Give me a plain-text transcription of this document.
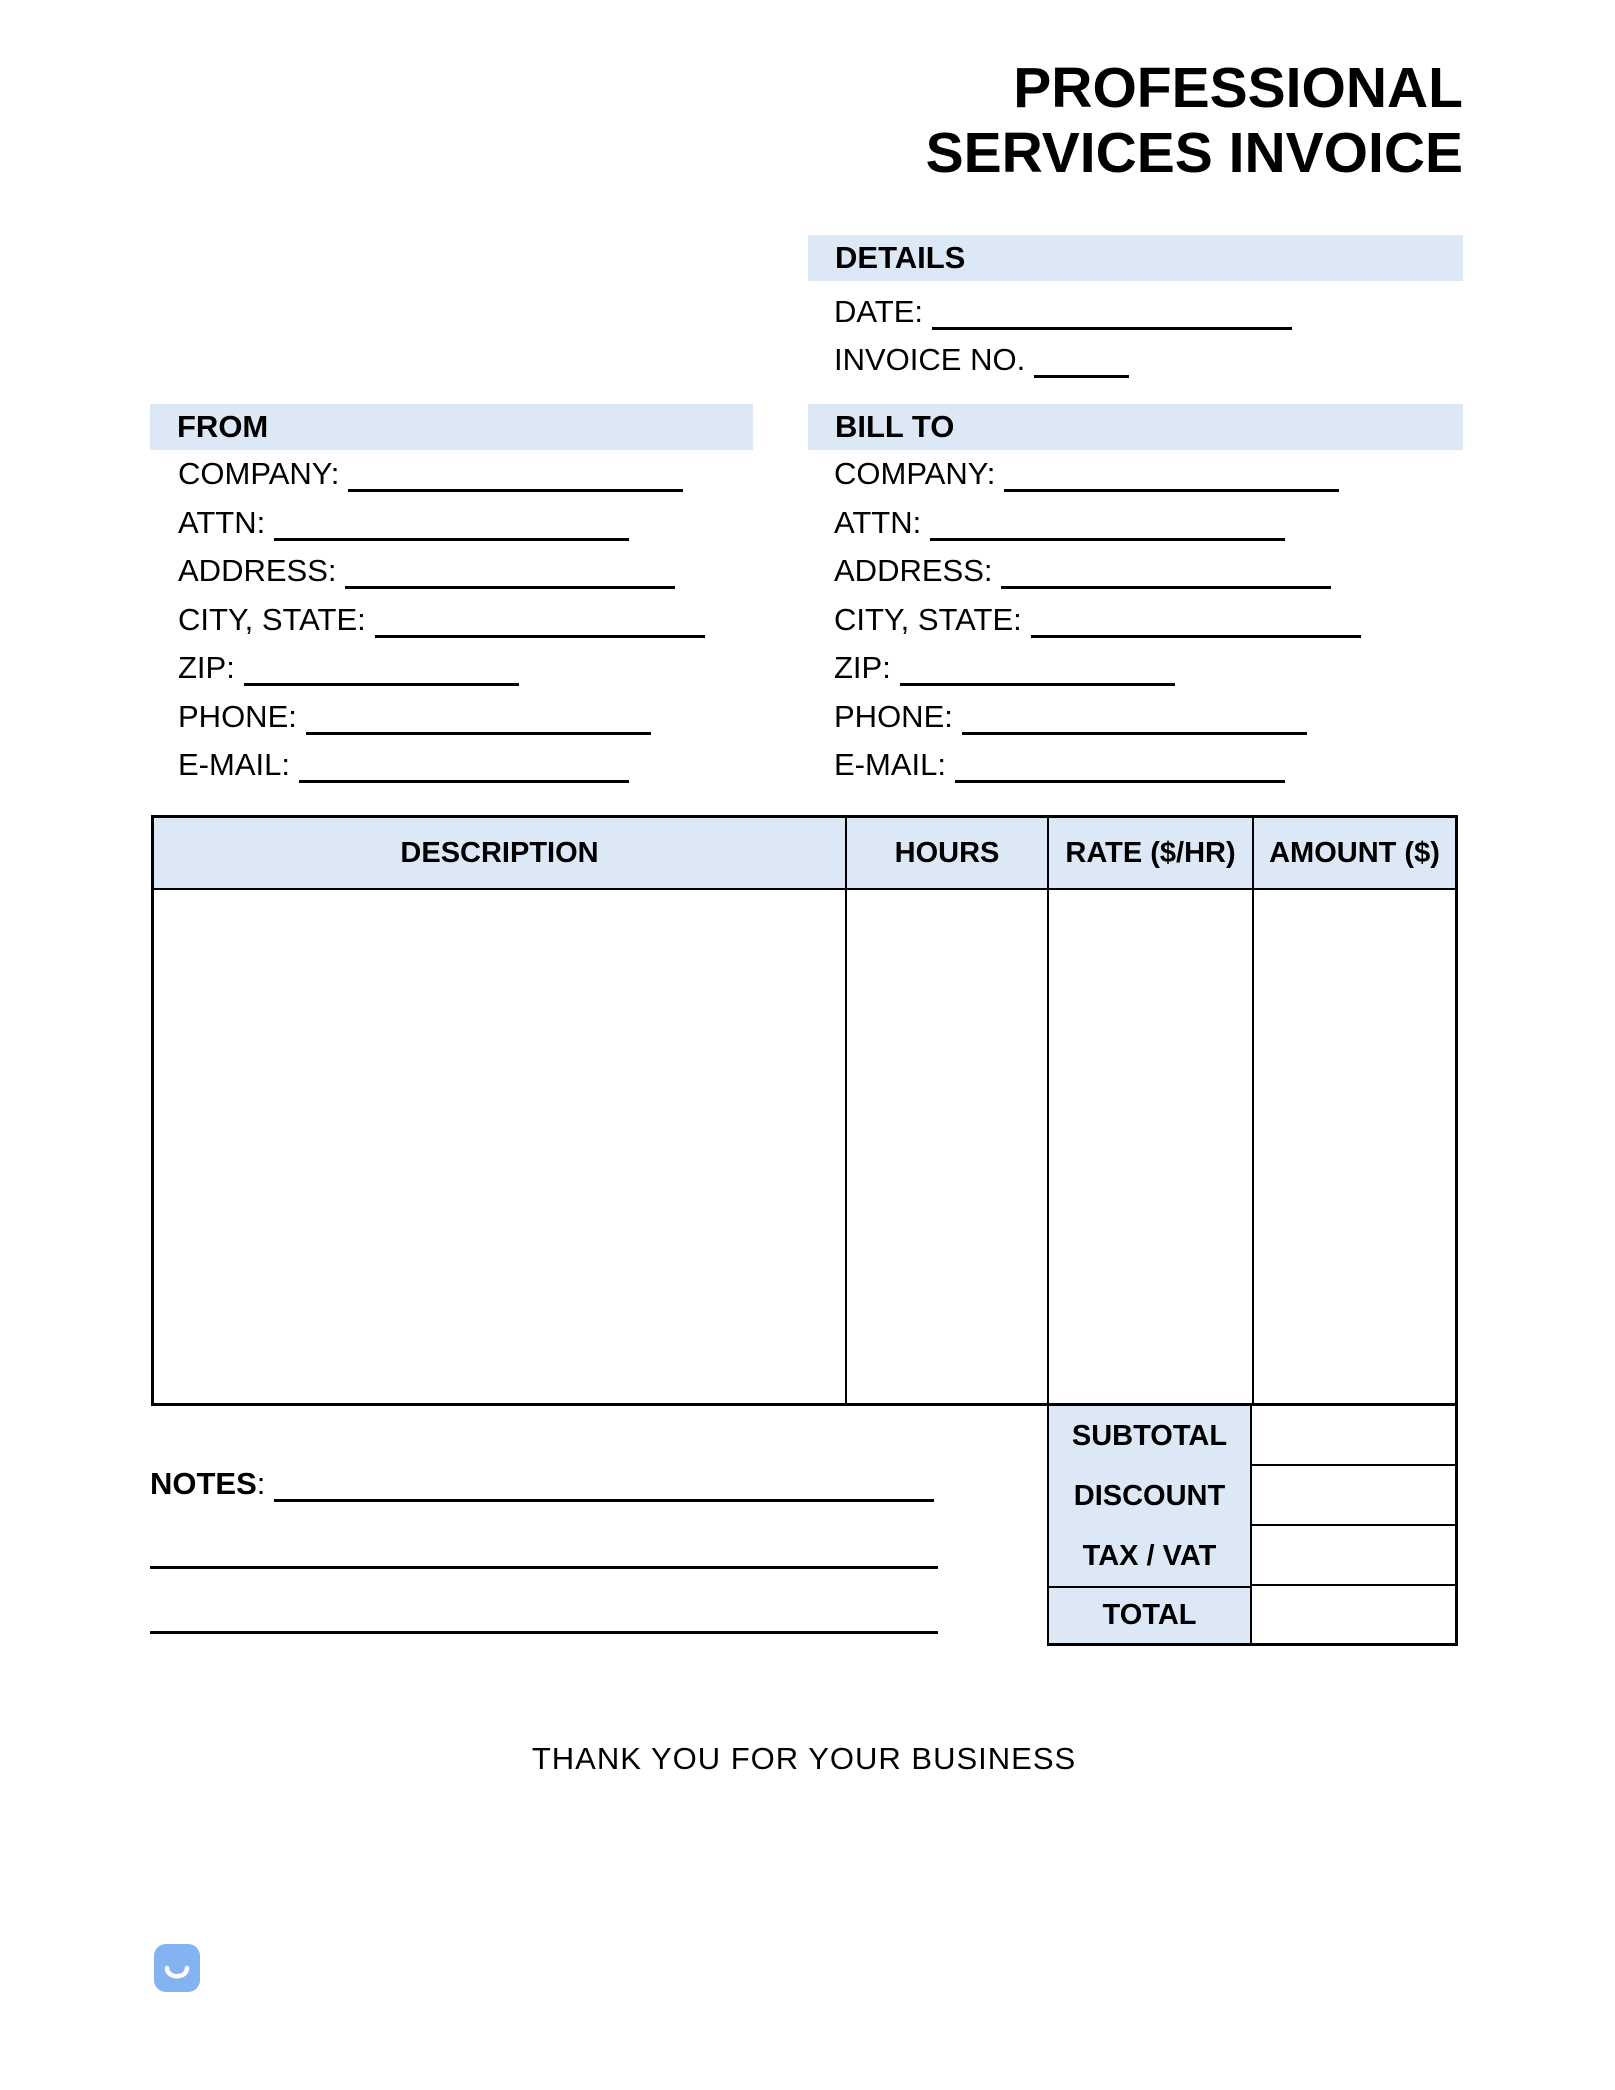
PROFESSIONAL
SERVICES INVOICE
DETAILS
DATE:
INVOICE NO.
FROM
COMPANY:
ATTN:
ADDRESS:
CITY, STATE:
ZIP:
PHONE:
E-MAIL:
BILL TO
COMPANY:
ATTN:
ADDRESS:
CITY, STATE:
ZIP:
PHONE:
E-MAIL:
DESCRIPTION	HOURS	RATE ($/HR)	AMOUNT ($)
SUBTOTAL
DISCOUNT
TAX / VAT
TOTAL
NOTES:
THANK YOU FOR YOUR BUSINESS
